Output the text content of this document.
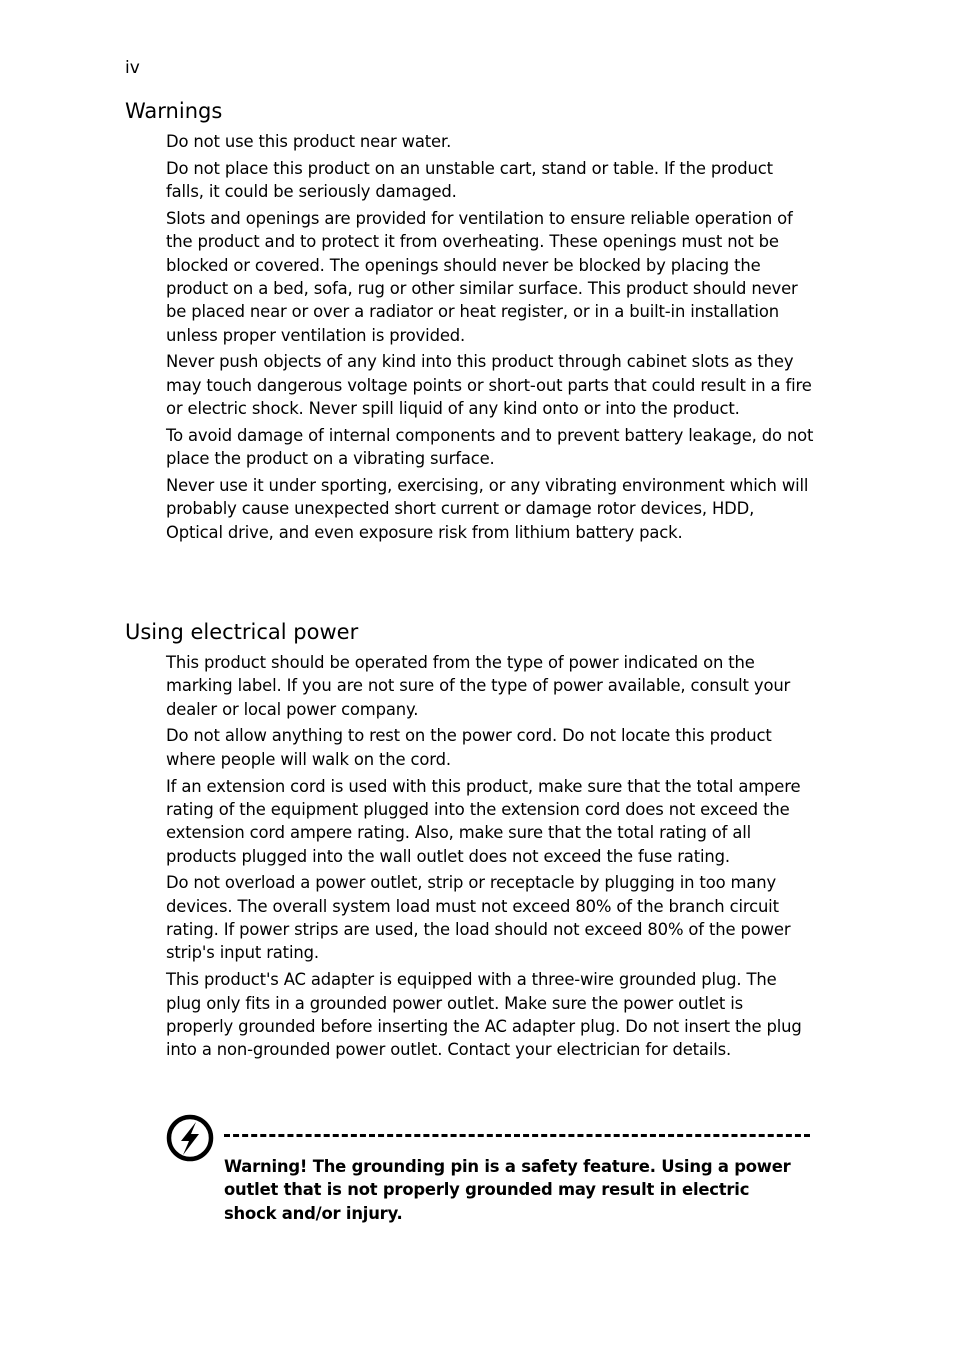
iv
Warnings

Do not use this product near water.

Do not place this product on an unstable cart, stand or table. If the product falls, it could be seriously damaged.

Slots and openings are provided for ventilation to ensure reliable operation of the product and to protect it from overheating. These openings must not be blocked or covered. The openings should never be blocked by placing the product on a bed, sofa, rug or other similar surface. This product should never be placed near or over a radiator or heat register, or in a built-in installation unless proper ventilation is provided.

Never push objects of any kind into this product through cabinet slots as they may touch dangerous voltage points or short-out parts that could result in a fire or electric shock. Never spill liquid of any kind onto or into the product.

To avoid damage of internal components and to prevent battery leakage, do not place the product on a vibrating surface.

Never use it under sporting, exercising, or any vibrating environment which will probably cause unexpected short current or damage rotor devices, HDD, Optical drive, and even exposure risk from lithium battery pack.

Using electrical power

This product should be operated from the type of power indicated on the marking label. If you are not sure of the type of power available, consult your dealer or local power company.

Do not allow anything to rest on the power cord. Do not locate this product where people will walk on the cord.

If an extension cord is used with this product, make sure that the total ampere rating of the equipment plugged into the extension cord does not exceed the extension cord ampere rating. Also, make sure that the total rating of all products plugged into the wall outlet does not exceed the fuse rating.

Do not overload a power outlet, strip or receptacle by plugging in too many devices. The overall system load must not exceed 80% of the branch circuit rating. If power strips are used, the load should not exceed 80% of the power strip's input rating.

This product's AC adapter is equipped with a three-wire grounded plug. The plug only fits in a grounded power outlet. Make sure the power outlet is properly grounded before inserting the AC adapter plug. Do not insert the plug into a non-grounded power outlet. Contact your electrician for details.

Warning! The grounding pin is a safety feature. Using a power outlet that is not properly grounded may result in electric shock and/or injury.
